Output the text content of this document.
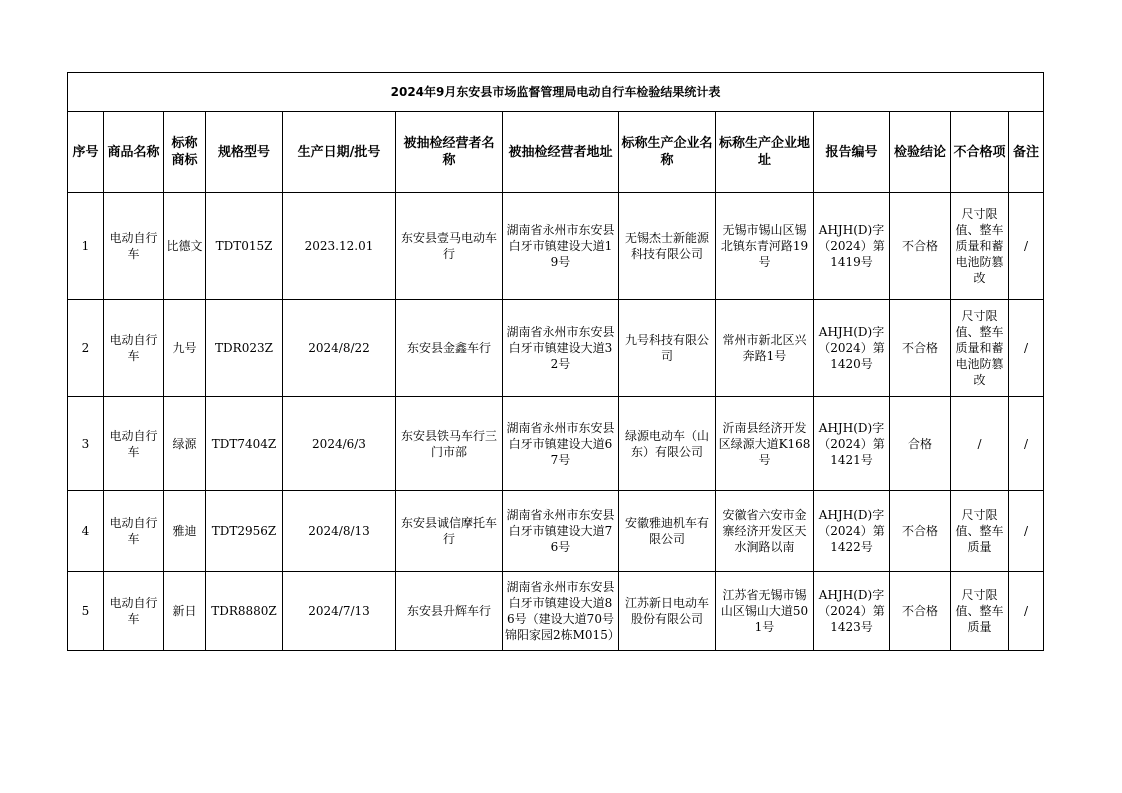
2024年9月东安县市场监督管理局电动自行车检验结果统计表												
序号	商品名称	标称商标	规格型号	生产日期/批号	被抽检经营者名称	被抽检经营者地址	标称生产企业名称	标称生产企业地址	报告编号	检验结论	不合格项	备注
1	电动自行车	比德文	TDT015Z	2023.12.01	东安县壹马电动车行	湖南省永州市东安县白牙市镇建设大道19号	无锡杰士新能源科技有限公司	无锡市锡山区锡北镇东青河路19号	AHJH(D)字（2024）第1419号	不合格	尺寸限值、整车质量和蓄电池防篡改	/
2	电动自行车	九号	TDR023Z	2024/8/22	东安县金鑫车行	湖南省永州市东安县白牙市镇建设大道32号	九号科技有限公司	常州市新北区兴奔路1号	AHJH(D)字（2024）第1420号	不合格	尺寸限值、整车质量和蓄电池防篡改	/
3	电动自行车	绿源	TDT7404Z	2024/6/3	东安县铁马车行三门市部	湖南省永州市东安县白牙市镇建设大道67号	绿源电动车（山东）有限公司	沂南县经济开发区绿源大道K168号	AHJH(D)字（2024）第1421号	合格	/	/
4	电动自行车	雅迪	TDT2956Z	2024/8/13	东安县诚信摩托车行	湖南省永州市东安县白牙市镇建设大道76号	安徽雅迪机车有限公司	安徽省六安市金寨经济开发区天水涧路以南	AHJH(D)字（2024）第1422号	不合格	尺寸限值、整车质量	/
5	电动自行车	新日	TDR8880Z	2024/7/13	东安县升辉车行	湖南省永州市东安县白牙市镇建设大道86号（建设大道70号锦阳家园2栋M015）	江苏新日电动车股份有限公司	江苏省无锡市锡山区锡山大道501号	AHJH(D)字（2024）第1423号	不合格	尺寸限值、整车质量	/
